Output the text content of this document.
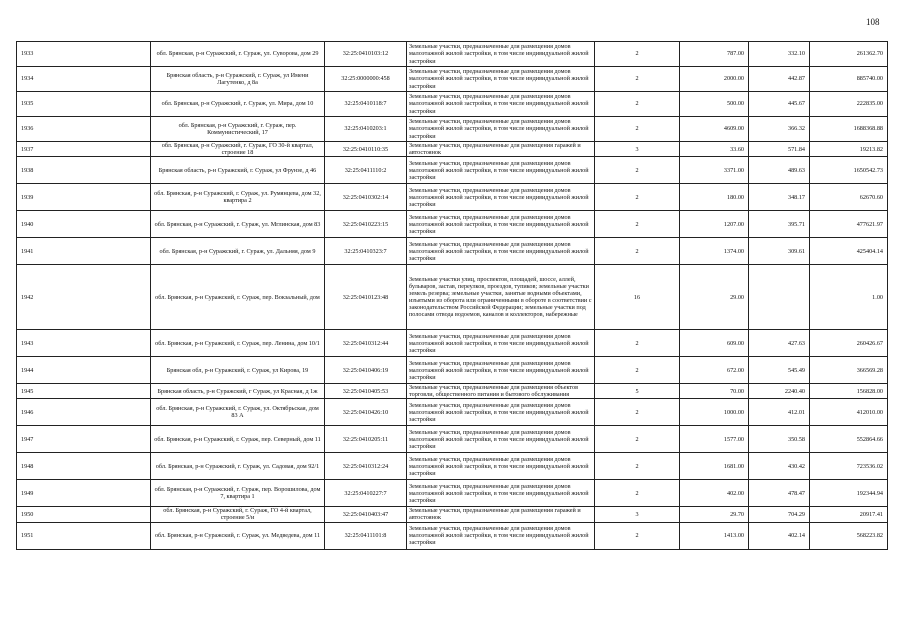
108
1933	обл. Брянская, р-н Суражский, г. Сураж, ул. Суворова, дом 29	32:25:0410103:12	Земельные участки, предназначенные для размещения домов малоэтажной жилой застройки, в том числе индивидуальной жилой застройки	2	787.00	332.10	261362.70
1934	Брянская область, р-н Суражский, г. Сураж, ул Имени Лагутенко, д 8а	32:25:0000000:458	Земельные участки, предназначенные для размещения домов малоэтажной жилой застройки, в том числе индивидуальной жилой застройки	2	2000.00	442.87	885740.00
1935	обл. Брянская, р-н Суражский, г. Сураж, ул. Мира, дом 10	32:25:0410118:7	Земельные участки, предназначенные для размещения домов малоэтажной жилой застройки, в том числе индивидуальной жилой застройки	2	500.00	445.67	222835.00
1936	обл. Брянская, р-н Суражский, г. Сураж, пер. Коммунистический, 17	32:25:0410203:1	Земельные участки, предназначенные для размещения домов малоэтажной жилой застройки, в том числе индивидуальной жилой застройки	2	4609.00	366.32	1688368.88
1937	обл. Брянская, р-н Суражский, г. Сураж, ГО 30-й квартал, строение 18	32:25:0410110:35	Земельные участки, предназначенные для размещения гаражей и автостоянок	3	33.60	571.84	19213.82
1938	Брянская область, р-н Суражский, г. Сураж, ул Фрунзе, д 46	32:25:0411110:2	Земельные участки, предназначенные для размещения домов малоэтажной жилой застройки, в том числе индивидуальной жилой застройки	2	3371.00	489.63	1650542.73
1939	обл. Брянская, р-н Суражский, г. Сураж, ул. Румянцева, дом 32, квартира 2	32:25:0410302:14	Земельные участки, предназначенные для размещения домов малоэтажной жилой застройки, в том числе индивидуальной жилой застройки	2	180.00	348.17	62670.60
1940	обл. Брянская, р-н Суражский, г. Сураж, ул. Мглинская, дом 83	32:25:0410223:15	Земельные участки, предназначенные для размещения домов малоэтажной жилой застройки, в том числе индивидуальной жилой застройки	2	1207.00	395.71	477621.97
1941	обл. Брянская, р-н Суражский, г. Сураж, ул. Дальняя, дом 9	32:25:0410323:7	Земельные участки, предназначенные для размещения домов малоэтажной жилой застройки, в том числе индивидуальной жилой застройки	2	1374.00	309.61	425404.14
1942	обл. Брянская, р-н Суражский, г. Сураж, пер. Вокзальный, дом	32:25:0410123:48	Земельные участки улиц, проспектов, площадей, шоссе, аллей, бульваров, застав, переулков, проездов, тупиков; земельные участки земель резерва; земельные участки, занятые водными объектами, изъятыми из оборота или ограниченными в обороте в соответствии с законодательством Российской Федерации; земельные участки под полосами отвода водоемов, каналов и коллекторов, набережные	16	29.00		1.00
1943	обл. Брянская, р-н Суражский, г. Сураж, пер. Ленина, дом 10/1	32:25:0410312:44	Земельные участки, предназначенные для размещения домов малоэтажной жилой застройки, в том числе индивидуальной жилой застройки	2	609.00	427.63	260426.67
1944	Брянская обл, р-н Суражский, г. Сураж, ул Кирова, 19	32:25:0410406:19	Земельные участки, предназначенные для размещения домов малоэтажной жилой застройки, в том числе индивидуальной жилой застройки	2	672.00	545.49	366569.28
1945	Брянская область, р-н Суражский, г Сураж, ул Красная, д 1ж	32:25:0410405:53	Земельные участки, предназначенные для размещения объектов торговли, общественного питания и бытового обслуживания	5	70.00	2240.40	156828.00
1946	обл. Брянская, р-н Суражский, г. Сураж, ул. Октябрьская, дом 83 А	32:25:0410426:10	Земельные участки, предназначенные для размещения домов малоэтажной жилой застройки, в том числе индивидуальной жилой застройки	2	1000.00	412.01	412010.00
1947	обл. Брянская, р-н Суражский, г. Сураж, пер. Северный, дом 11	32:25:0410205:11	Земельные участки, предназначенные для размещения домов малоэтажной жилой застройки, в том числе индивидуальной жилой застройки	2	1577.00	350.58	552864.66
1948	обл. Брянская, р-н Суражский, г. Сураж, ул. Садовая, дом 92/1	32:25:0410312:24	Земельные участки, предназначенные для размещения домов малоэтажной жилой застройки, в том числе индивидуальной жилой застройки	2	1681.00	430.42	723536.02
1949	обл. Брянская, р-н Суражский, г. Сураж, пер. Ворошилова, дом 7, квартира 1	32:25:0410227:7	Земельные участки, предназначенные для размещения домов малоэтажной жилой застройки, в том числе индивидуальной жилой застройки	2	402.00	478.47	192344.94
1950	обл. Брянская, р-н Суражский, г. Сураж, ГО 4-й квартал, строение 5/и	32:25:0410403:47	Земельные участки, предназначенные для размещения гаражей и автостоянок	3	29.70	704.29	20917.41
1951	обл. Брянская, р-н Суражский, г. Сураж, ул. Медведева, дом 11	32:25:0411101:8	Земельные участки, предназначенные для размещения домов малоэтажной жилой застройки, в том числе индивидуальной жилой застройки	2	1413.00	402.14	568223.82
